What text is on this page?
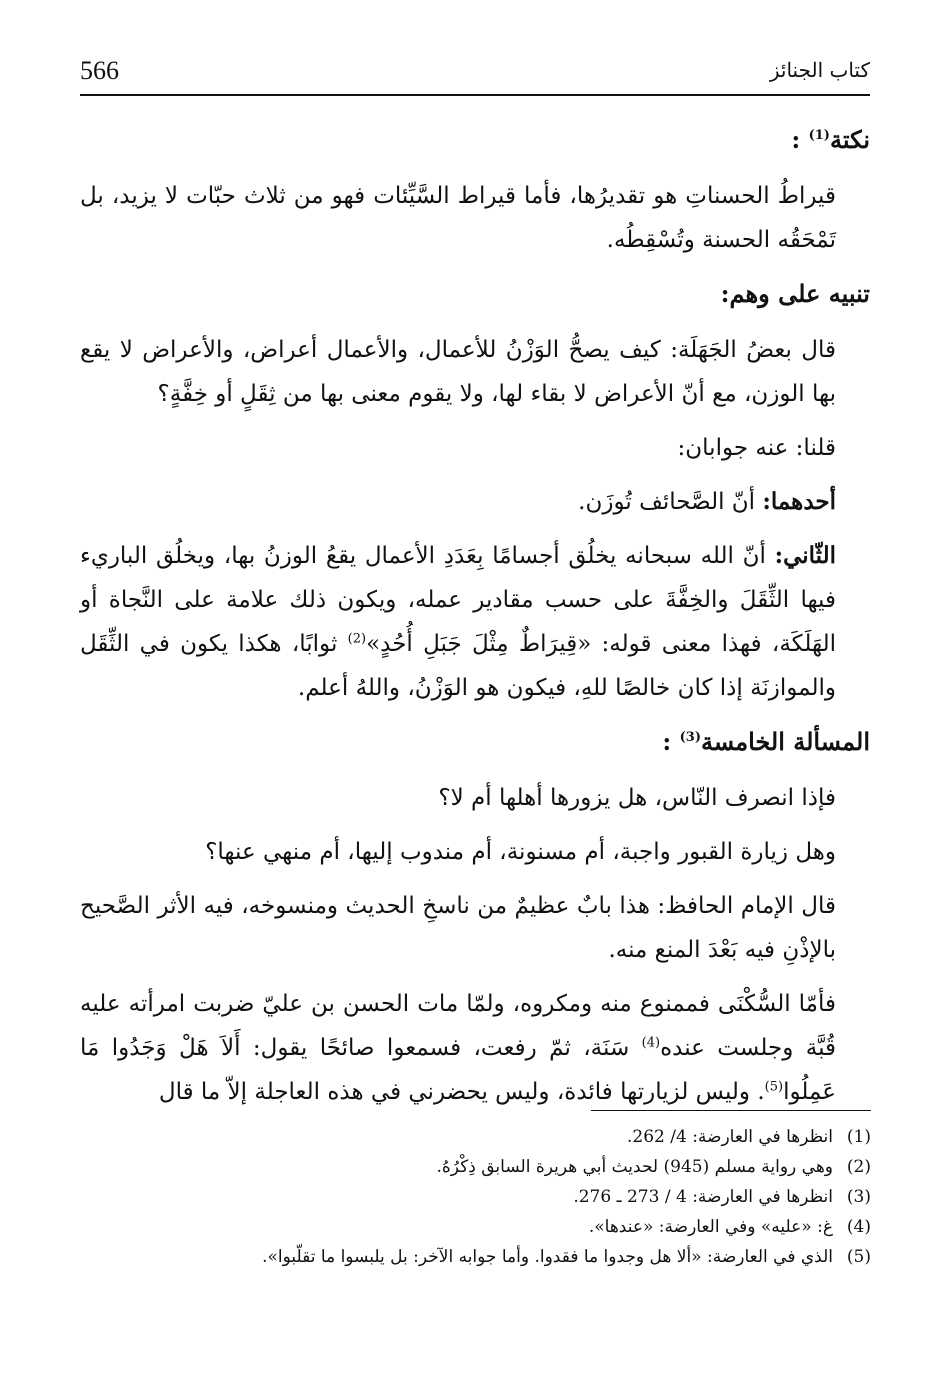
566	كتاب الجنائز
نكتة$^{(1)}$ :

قيراطُ الحسناتِ هو تقديرُها، فأما قيراط السَّيِّئات فهو من ثلاث حبّات لا يزيد، بل تَمْحَقُه الحسنة وتُسْقِطُه.

تنبيه على وهم:

قال بعضُ الجَهَلَة: كيف يصحُّ الوَزْنُ للأعمال، والأعمال أعراض، والأعراض لا يقع بها الوزن، مع أنّ الأعراض لا بقاء لها، ولا يقوم معنى بها من ثِقَلٍ أو خِفَّةٍ؟

قلنا: عنه جوابان:

أحدهما: أنّ الصَّحائف تُوزَن.

الثّاني: أنّ الله سبحانه يخلُق أجسامًا بِعَدَدِ الأعمال يقعُ الوزنُ بها، ويخلُق الباريء فيها الثِّقَلَ والخِفَّةَ على حسب مقادير عمله، ويكون ذلك علامة على النَّجاة أو الهَلَكَة، فهذا معنى قوله: «قِيرَاطٌ مِثْلَ جَبَلِ أُحُدٍ»$^{(2)}$ ثوابًا، هكذا يكون في الثِّقَل والموازنَة إذا كان خالصًا للهِ، فيكون هو الوَزْنُ، واللهُ أعلم.

المسألة الخامسة$^{(3)}$ :

فإذا انصرف النّاس، هل يزورها أهلها أم لا؟

وهل زيارة القبور واجبة، أم مسنونة، أم مندوب إليها، أم منهي عنها؟

قال الإمام الحافظ: هذا بابٌ عظيمٌ من ناسخِ الحديث ومنسوخه، فيه الأثر الصَّحيح بالإذْنِ فيه بَعْدَ المنع منه.

فأمّا السُّكْنَى فممنوع منه ومكروه، ولمّا مات الحسن بن عليّ ضربت امرأته عليه قُبَّة وجلست عنده$^{(4)}$ سَنَة، ثمّ رفعت، فسمعوا صائحًا يقول: أَلاَ هَلْ وَجَدُوا مَا عَمِلُوا$^{(5)}$. وليس لزيارتها فائدة، وليس يحضرني في هذه العاجلة إلاّ ما قال

(1)انظرها في العارضة: 4/ 262.

(2)وهي رواية مسلم (945) لحديث أبي هريرة السابق ذِكْرُهُ.

(3)انظرها في العارضة: 4 / 273 ـ 276.

(4)غ: «عليه» وفي العارضة: «عندها».

(5)الذي في العارضة: «ألا هل وجدوا ما فقدوا. وأما جوابه الآخر: بل يلبسوا ما تقلّبوا».
